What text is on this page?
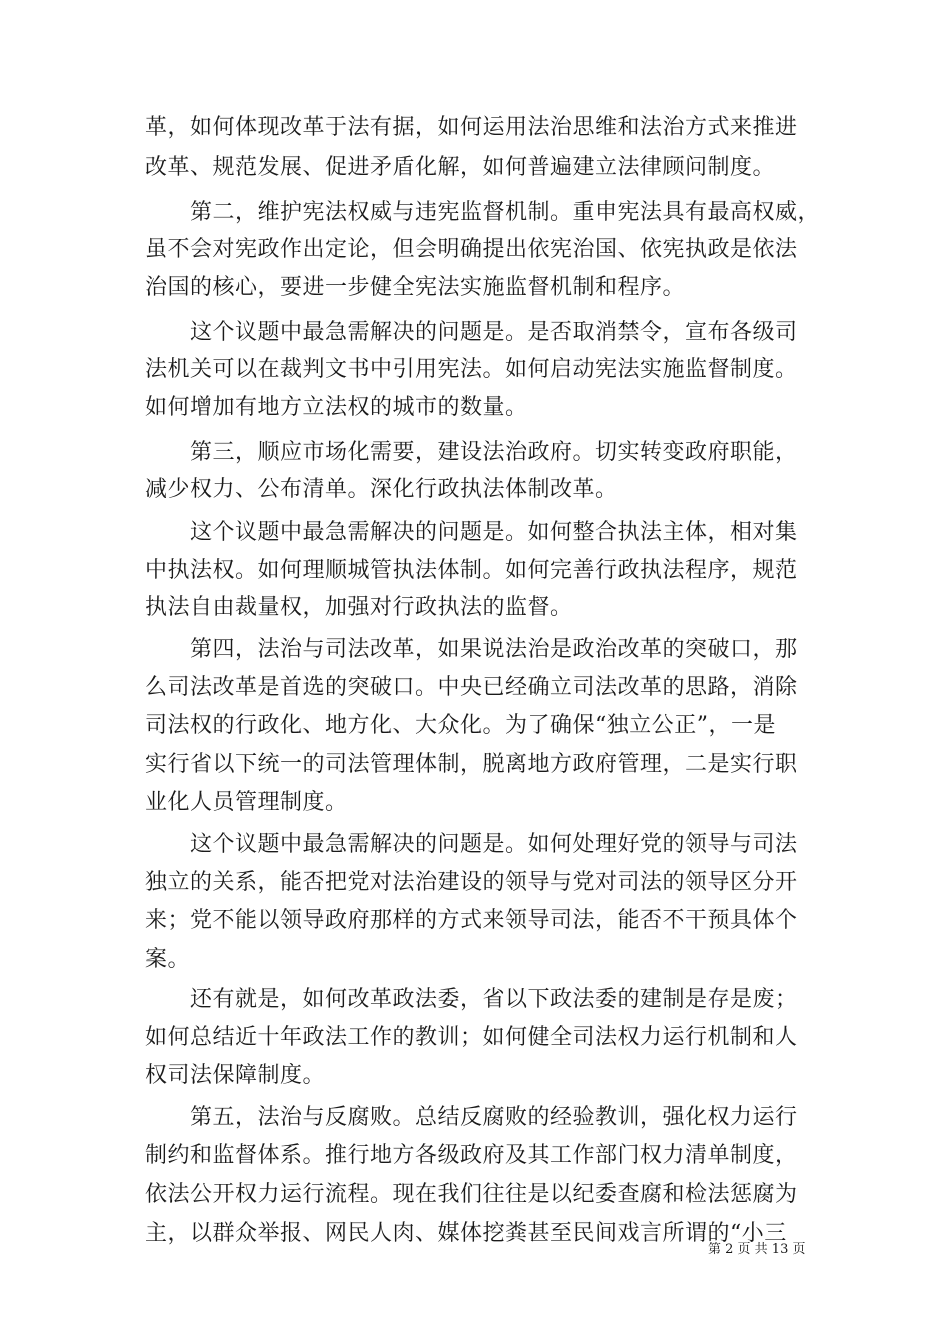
革，如何体现改革于法有据，如何运用法治思维和法治方式来推进
改革、规范发展、促进矛盾化解，如何普遍建立法律顾问制度。
第二，维护宪法权威与违宪监督机制。重申宪法具有最高权威，
虽不会对宪政作出定论，但会明确提出依宪治国、依宪执政是依法
治国的核心，要进一步健全宪法实施监督机制和程序。
这个议题中最急需解决的问题是。是否取消禁令，宣布各级司
法机关可以在裁判文书中引用宪法。如何启动宪法实施监督制度。
如何增加有地方立法权的城市的数量。
第三，顺应市场化需要，建设法治政府。切实转变政府职能，
减少权力、公布清单。深化行政执法体制改革。
这个议题中最急需解决的问题是。如何整合执法主体，相对集
中执法权。如何理顺城管执法体制。如何完善行政执法程序，规范
执法自由裁量权，加强对行政执法的监督。
第四，法治与司法改革，如果说法治是政治改革的突破口，那
么司法改革是首选的突破口。中央已经确立司法改革的思路，消除
司法权的行政化、地方化、大众化。为了确保“独立公正”，一是
实行省以下统一的司法管理体制，脱离地方政府管理，二是实行职
业化人员管理制度。
这个议题中最急需解决的问题是。如何处理好党的领导与司法
独立的关系，能否把党对法治建设的领导与党对司法的领导区分开
来；党不能以领导政府那样的方式来领导司法，能否不干预具体个
案。
还有就是，如何改革政法委，省以下政法委的建制是存是废；
如何总结近十年政法工作的教训；如何健全司法权力运行机制和人
权司法保障制度。
第五，法治与反腐败。总结反腐败的经验教训，强化权力运行
制约和监督体系。推行地方各级政府及其工作部门权力清单制度，
依法公开权力运行流程。现在我们往往是以纪委查腐和检法惩腐为
主，以群众举报、网民人肉、媒体挖粪甚至民间戏言所谓的“小三
第 2 页 共 13 页
